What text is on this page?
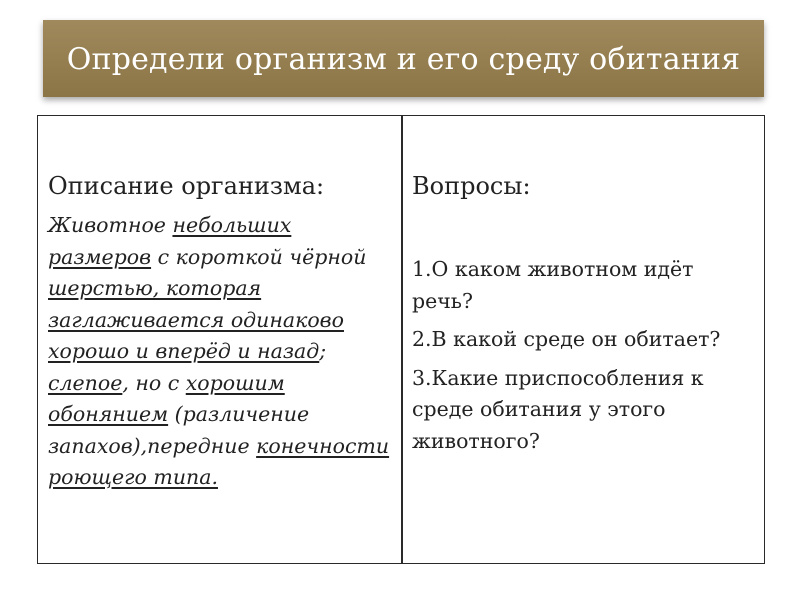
Определи организм и его среду обитания
Описание организма:
Животное небольших размеров с короткой чёрной шерстью, которая заглаживается одинаково хорошо и вперёд и назад; слепое, но с хорошим обонянием (различение запахов),передние конечности роющего типа.
Вопросы:
1.О каком животном идёт речь?
2.В какой среде он обитает?
3.Какие приспособления к среде обитания у этого животного?
